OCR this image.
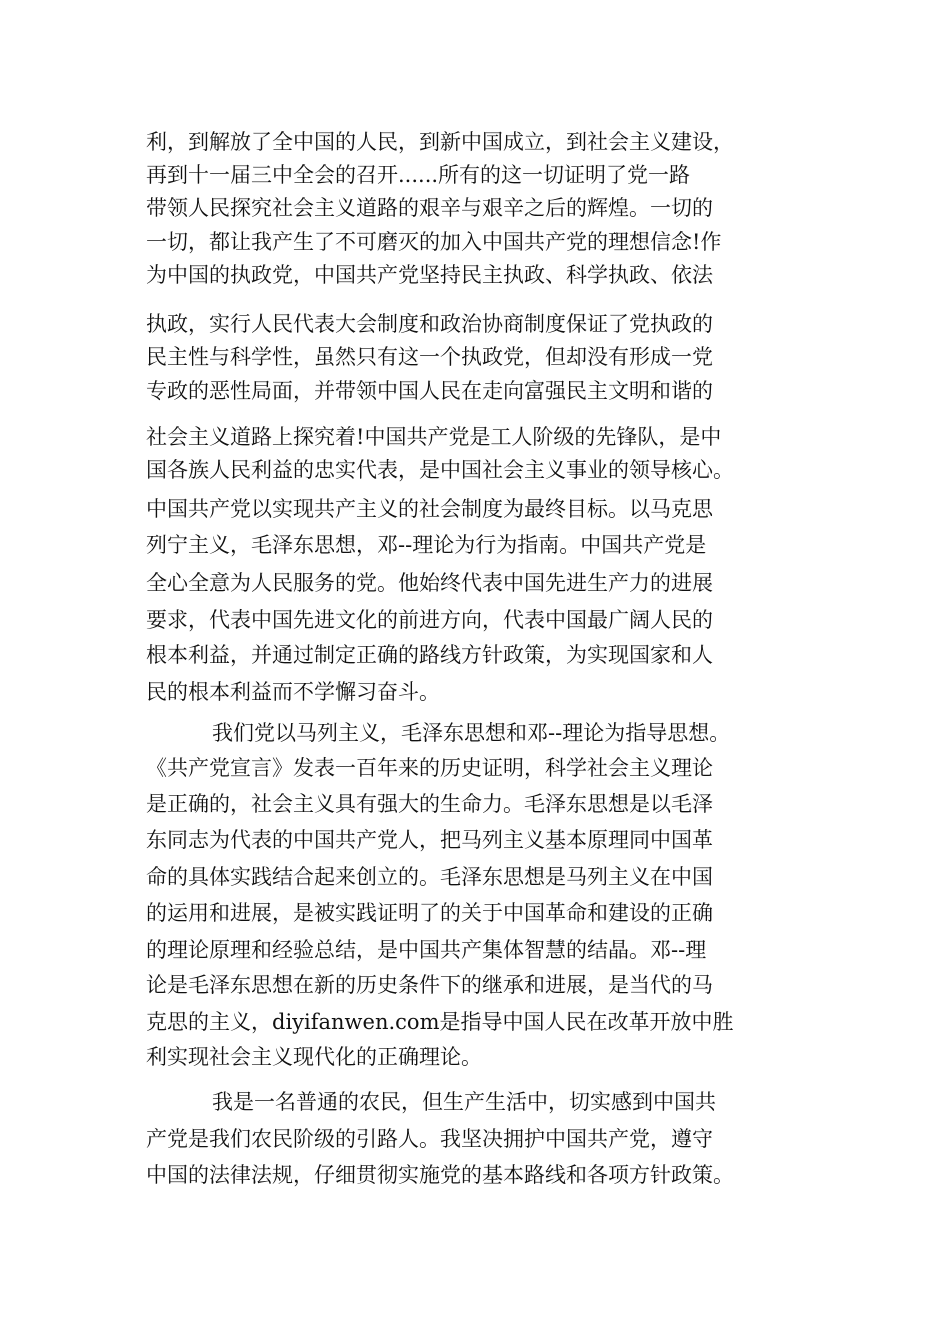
利，到解放了全中国的人民，到新中国成立，到社会主义建设，
再到十一届三中全会的召开......所有的这一切证明了党一路
带领人民探究社会主义道路的艰辛与艰辛之后的辉煌。一切的
一切，都让我产生了不可磨灭的加入中国共产党的理想信念!作
为中国的执政党，中国共产党坚持民主执政、科学执政、依法
执政，实行人民代表大会制度和政治协商制度保证了党执政的
民主性与科学性，虽然只有这一个执政党，但却没有形成一党
专政的恶性局面，并带领中国人民在走向富强民主文明和谐的
社会主义道路上探究着!中国共产党是工人阶级的先锋队，是中
国各族人民利益的忠实代表，是中国社会主义事业的领导核心。
中国共产党以实现共产主义的社会制度为最终目标。以马克思
列宁主义，毛泽东思想，邓--理论为行为指南。中国共产党是
全心全意为人民服务的党。他始终代表中国先进生产力的进展
要求，代表中国先进文化的前进方向，代表中国最广阔人民的
根本利益，并通过制定正确的路线方针政策，为实现国家和人
民的根本利益而不学懈习奋斗。
我们党以马列主义，毛泽东思想和邓--理论为指导思想。
《共产党宣言》发表一百年来的历史证明，科学社会主义理论
是正确的，社会主义具有强大的生命力。毛泽东思想是以毛泽
东同志为代表的中国共产党人，把马列主义基本原理同中国革
命的具体实践结合起来创立的。毛泽东思想是马列主义在中国
的运用和进展，是被实践证明了的关于中国革命和建设的正确
的理论原理和经验总结，是中国共产集体智慧的结晶。邓--理
论是毛泽东思想在新的历史条件下的继承和进展，是当代的马
克思的主义，diyifanwen.com是指导中国人民在改革开放中胜
利实现社会主义现代化的正确理论。
我是一名普通的农民，但生产生活中，切实感到中国共
产党是我们农民阶级的引路人。我坚决拥护中国共产党，遵守
中国的法律法规，仔细贯彻实施党的基本路线和各项方针政策。
